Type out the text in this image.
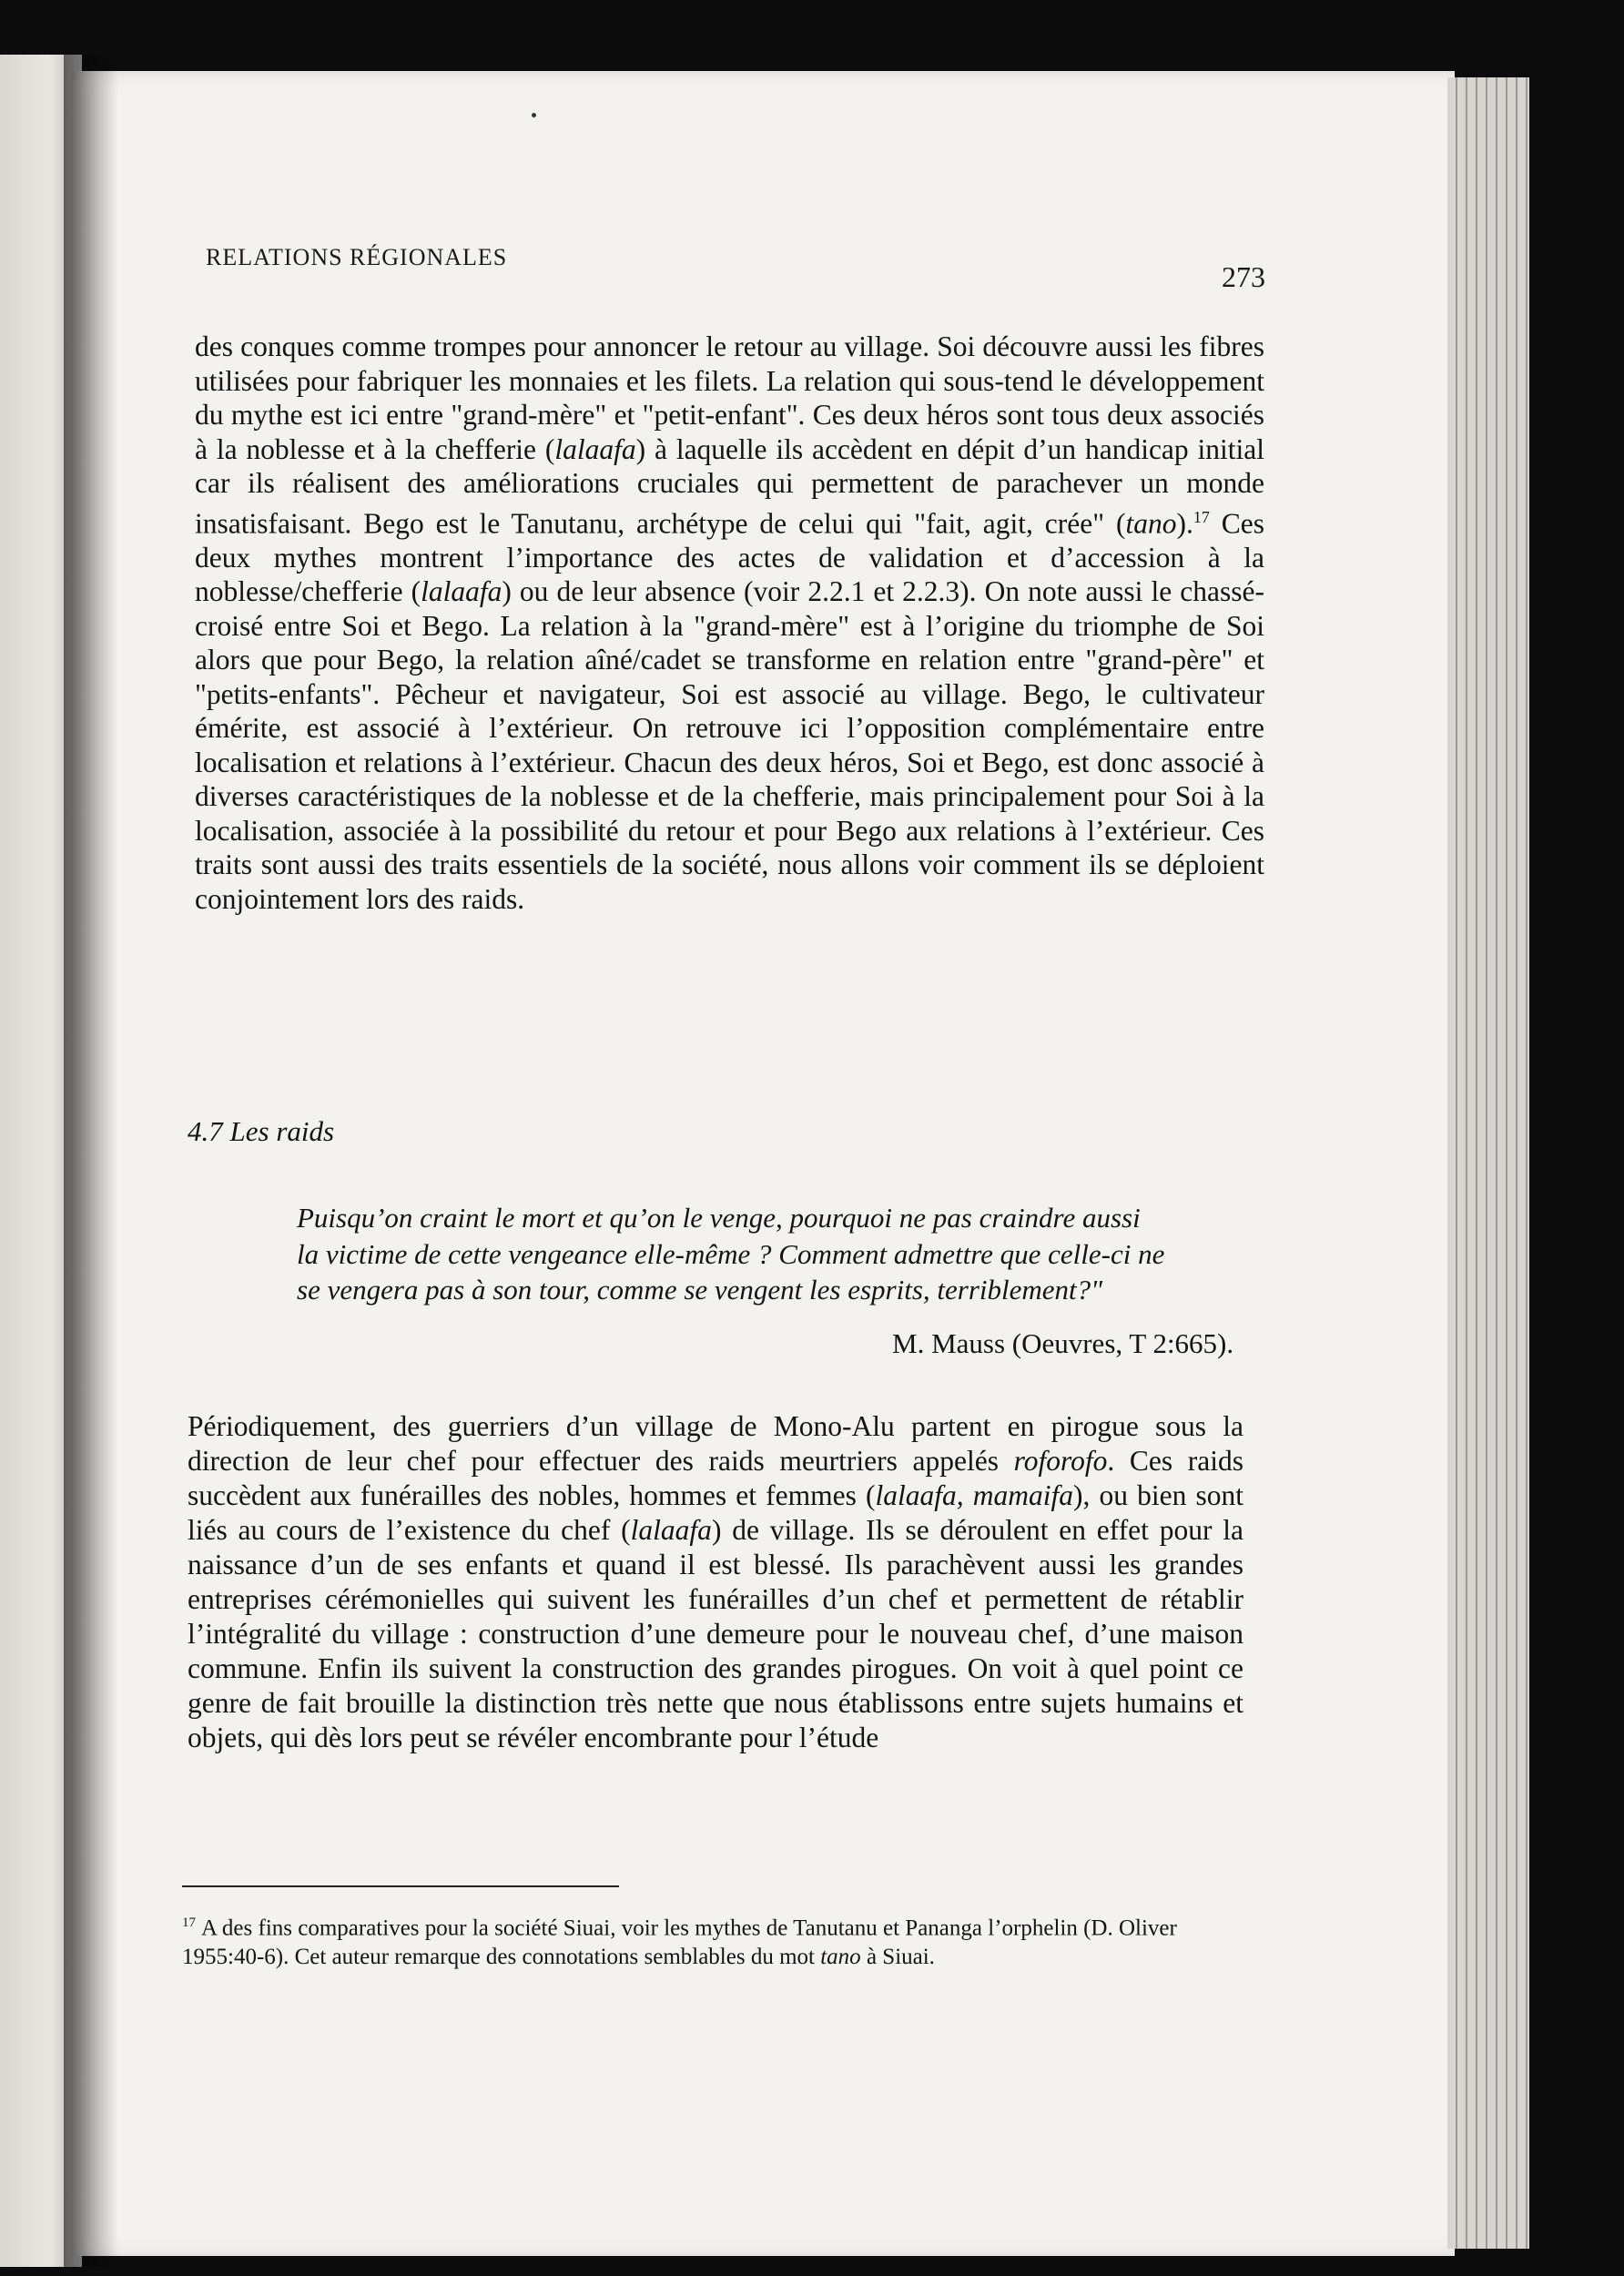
RELATIONS RÉGIONALES
273

des conques comme trompes pour annoncer le retour au village. Soi découvre aussi les fibres utilisées pour fabriquer les monnaies et les filets. La relation qui sous-tend le développement du mythe est ici entre "grand-mère" et "petit-enfant". Ces deux héros sont tous deux associés à la noblesse et à la chefferie (lalaafa) à laquelle ils accèdent en dépit d’un handicap initial car ils réalisent des améliorations cruciales qui permettent de parachever un monde insatisfaisant. Bego est le Tanutanu, archétype de celui qui "fait, agit, crée" (tano).$^{17}$ Ces deux mythes montrent l’importance des actes de validation et d’accession à la noblesse/chefferie (lalaafa) ou de leur absence (voir 2.2.1 et 2.2.3). On note aussi le chassé-croisé entre Soi et Bego. La relation à la "grand-mère" est à l’origine du triomphe de Soi alors que pour Bego, la relation aîné/cadet se transforme en relation entre "grand-père" et "petits-enfants". Pêcheur et navigateur, Soi est associé au village. Bego, le cultivateur émérite, est associé à l’extérieur. On retrouve ici l’opposition complémentaire entre localisation et relations à l’extérieur. Chacun des deux héros, Soi et Bego, est donc associé à diverses caractéristiques de la noblesse et de la chefferie, mais principalement pour Soi à la localisation, associée à la possibilité du retour et pour Bego aux relations à l’extérieur. Ces traits sont aussi des traits essentiels de la société, nous allons voir comment ils se déploient conjointement lors des raids.

4.7 Les raids
Puisqu’on craint le mort et qu’on le venge, pourquoi ne pas craindre aussi
la victime de cette vengeance elle-même ? Comment admettre que celle-ci ne
se vengera pas à son tour, comme se vengent les esprits, terriblement?"
M. Mauss (Oeuvres, T 2:665).

Périodiquement, des guerriers d’un village de Mono-Alu partent en pirogue sous la direction de leur chef pour effectuer des raids meurtriers appelés roforofo. Ces raids succèdent aux funérailles des nobles, hommes et femmes (lalaafa, mamaifa), ou bien sont liés au cours de l’existence du chef (lalaafa) de village. Ils se déroulent en effet pour la naissance d’un de ses enfants et quand il est blessé. Ils parachèvent aussi les grandes entreprises cérémonielles qui suivent les funérailles d’un chef et permettent de rétablir l’intégralité du village : construction d’une demeure pour le nouveau chef, d’une maison commune. Enfin ils suivent la construction des grandes pirogues. On voit à quel point ce genre de fait brouille la distinction très nette que nous établissons entre sujets humains et objets, qui dès lors peut se révéler encombrante pour l’étude

$^{17}$ A des fins comparatives pour la société Siuai, voir les mythes de Tanutanu et Pananga l’orphelin (D. Oliver 1955:40-6). Cet auteur remarque des connotations semblables du mot tano à Siuai.
